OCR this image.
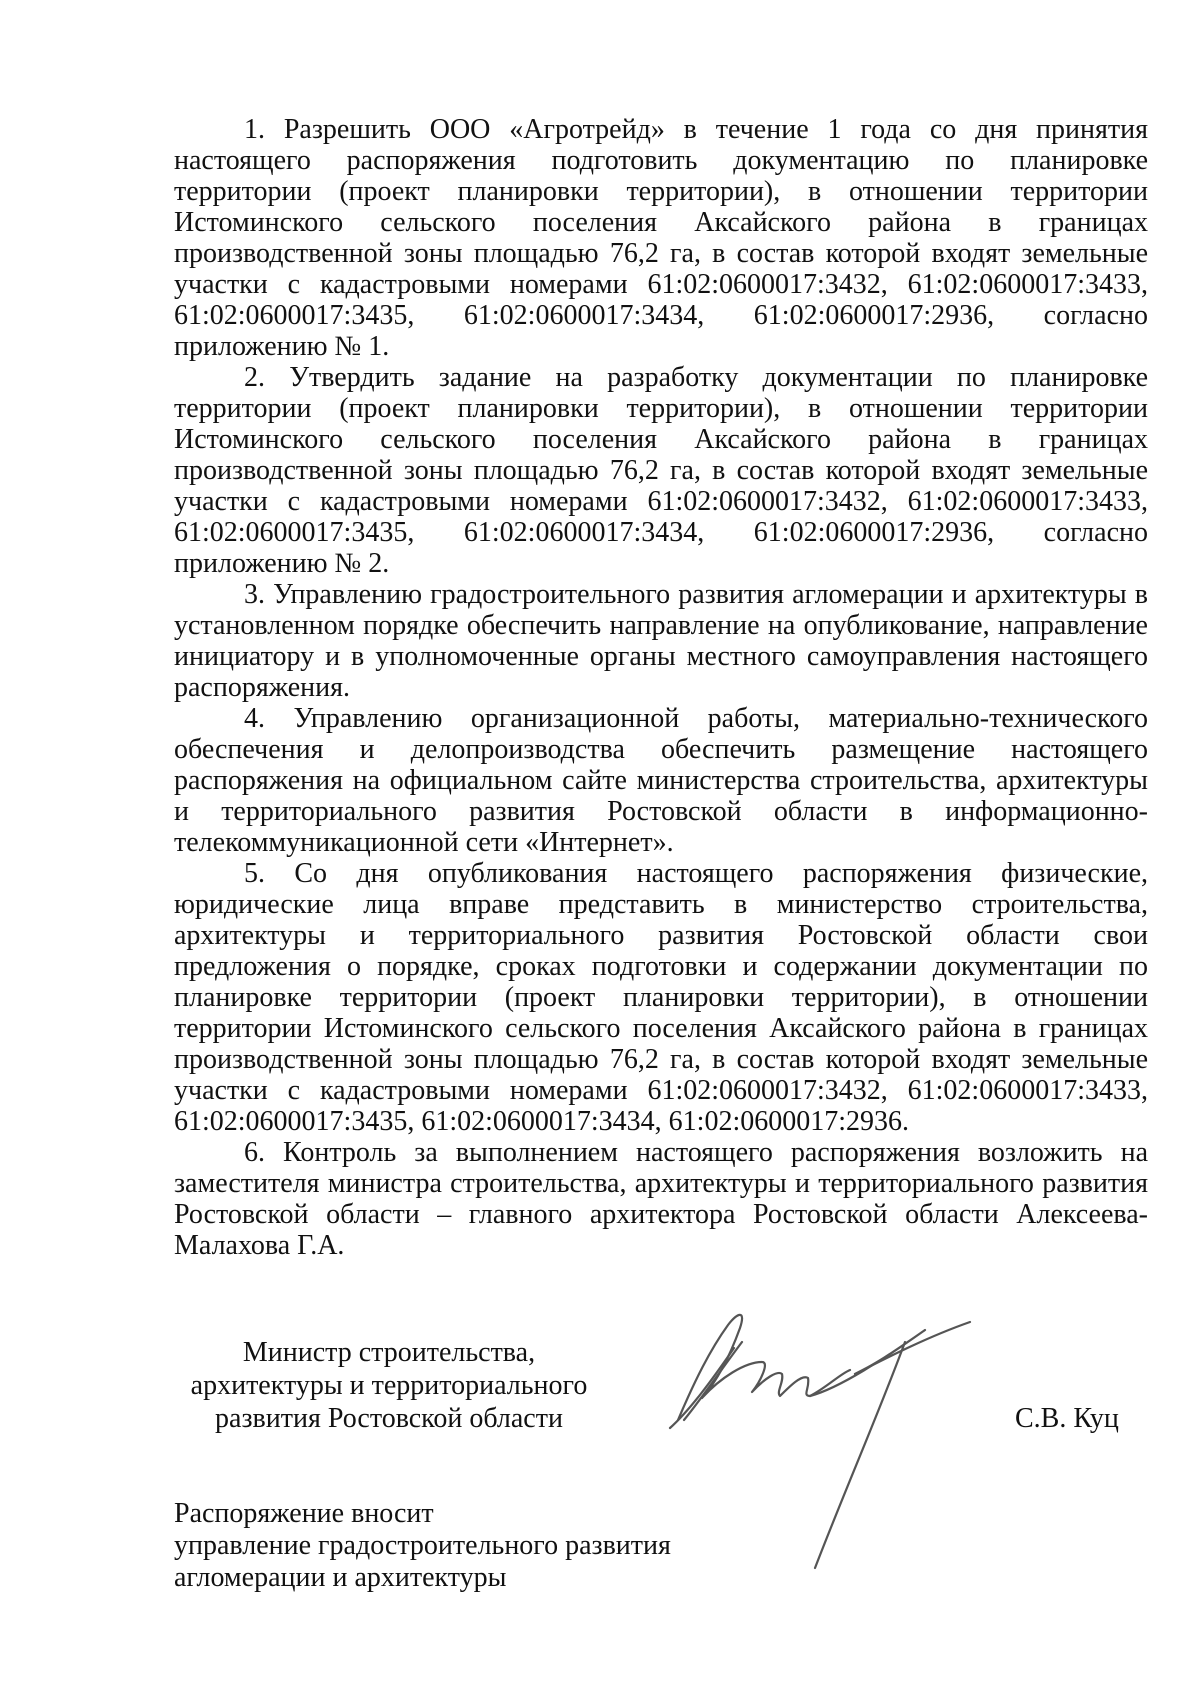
1. Разрешить ООО «Агротрейд» в течение 1 года со дня принятия настоящего распоряжения подготовить документацию по планировке территории (проект планировки территории), в отношении территории Истоминского сельского поселения Аксайского района в границах производственной зоны площадью 76,2 га, в состав которой входят земельные участки с кадастровыми номерами 61:02:0600017:3432, 61:02:0600017:3433, 61:02:0600017:3435, 61:02:0600017:3434, 61:02:0600017:2936, согласно приложению № 1.

2. Утвердить задание на разработку документации по планировке территории (проект планировки территории), в отношении территории Истоминского сельского поселения Аксайского района в границах производственной зоны площадью 76,2 га, в состав которой входят земельные участки с кадастровыми номерами 61:02:0600017:3432, 61:02:0600017:3433, 61:02:0600017:3435, 61:02:0600017:3434, 61:02:0600017:2936, согласно приложению № 2.

3. Управлению градостроительного развития агломерации и архитектуры в установленном порядке обеспечить направление на опубликование, направление инициатору и в уполномоченные органы местного самоуправления настоящего распоряжения.

4. Управлению организационной работы, материально-технического обеспечения и делопроизводства обеспечить размещение настоящего распоряжения на официальном сайте министерства строительства, архитектуры и территориального развития Ростовской области в информационно-телекоммуникационной сети «Интернет».

5. Со дня опубликования настоящего распоряжения физические, юридические лица вправе представить в министерство строительства, архитектуры и территориального развития Ростовской области свои предложения о порядке, сроках подготовки и содержании документации по планировке территории (проект планировки территории), в отношении территории Истоминского сельского поселения Аксайского района в границах производственной зоны площадью 76,2 га, в состав которой входят земельные участки с кадастровыми номерами 61:02:0600017:3432, 61:02:0600017:3433, 61:02:0600017:3435, 61:02:0600017:3434, 61:02:0600017:2936.

6. Контроль за выполнением настоящего распоряжения возложить на заместителя министра строительства, архитектуры и территориального развития Ростовской области – главного архитектора Ростовской области Алексеева-Малахова Г.А.

Министр строительства,
архитектуры и территориального
развития Ростовской области	С.В. Куц
Распоряжение вносит
управление градостроительного развития
агломерации и архитектуры
